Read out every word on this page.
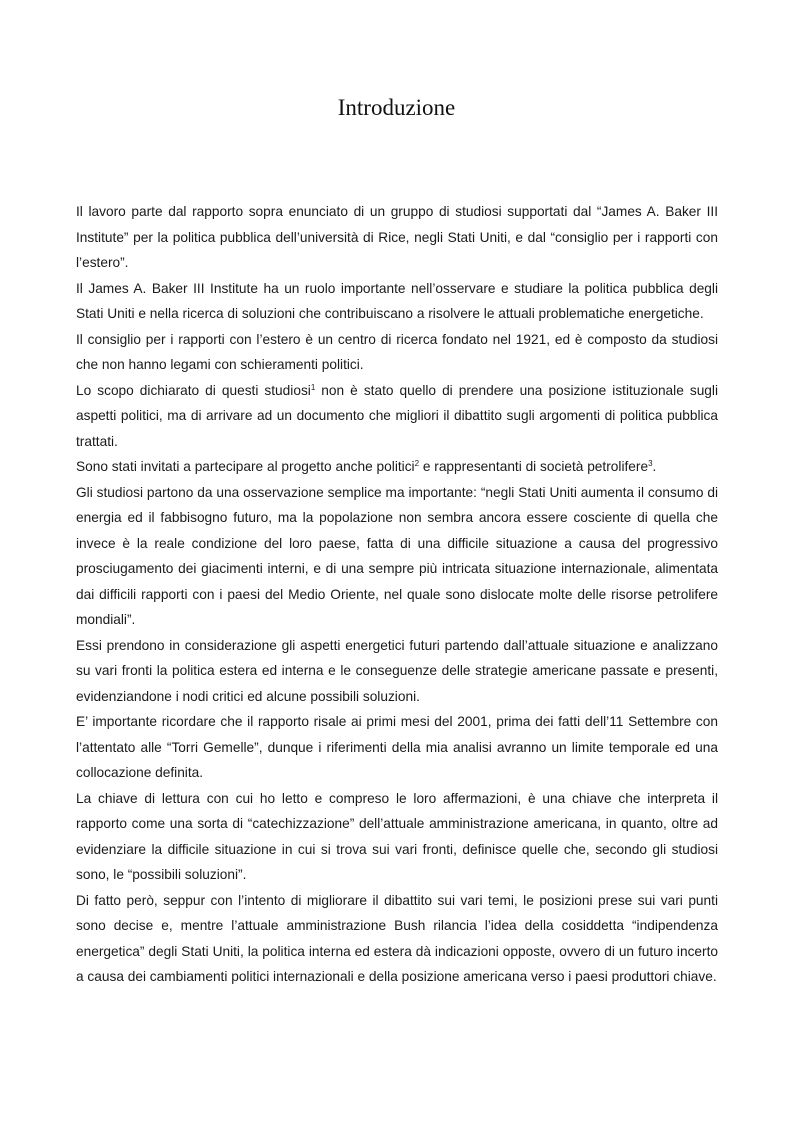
Introduzione

Il lavoro parte dal rapporto sopra enunciato di un gruppo di studiosi supportati dal “James A. Baker III Institute” per la politica pubblica dell’università di Rice, negli Stati Uniti, e dal “consiglio per i rapporti con l’estero”.

Il James A. Baker III Institute ha un ruolo importante nell’osservare e studiare la politica pubblica degli Stati Uniti e nella ricerca di soluzioni che contribuiscano a risolvere le attuali problematiche energetiche.

Il consiglio per i rapporti con l’estero è un centro di ricerca fondato nel 1921, ed è composto da studiosi che non hanno legami con schieramenti politici.

Lo scopo dichiarato di questi studiosi$^1$ non è stato quello di prendere una posizione istituzionale sugli aspetti politici, ma di arrivare ad un documento che migliori il dibattito sugli argomenti di politica pubblica trattati.

Sono stati invitati a partecipare al progetto anche politici$^2$ e rappresentanti di società petrolifere$^3$.

Gli studiosi partono da una osservazione semplice ma importante: “negli Stati Uniti aumenta il consumo di energia ed il fabbisogno futuro, ma la popolazione non sembra ancora essere cosciente di quella che invece è la reale condizione del loro paese, fatta di una difficile situazione a causa del progressivo prosciugamento dei giacimenti interni, e di una sempre più intricata situazione internazionale, alimentata dai difficili rapporti con i paesi del Medio Oriente, nel quale sono dislocate molte delle risorse petrolifere mondiali”.

Essi prendono in considerazione gli aspetti energetici futuri partendo dall’attuale situazione e analizzano su vari fronti la politica estera ed interna e le conseguenze delle strategie americane passate e presenti, evidenziandone i nodi critici ed alcune possibili soluzioni.

E’ importante ricordare che il rapporto risale ai primi mesi del 2001, prima dei fatti dell’11 Settembre con l’attentato alle “Torri Gemelle”, dunque i riferimenti della mia analisi avranno un limite temporale ed una collocazione definita.

La chiave di lettura con cui ho letto e compreso le loro affermazioni, è una chiave che interpreta il rapporto come una sorta di “catechizzazione” dell’attuale amministrazione americana, in quanto, oltre ad evidenziare la difficile situazione in cui si trova sui vari fronti, definisce quelle che, secondo gli studiosi sono, le “possibili soluzioni”.

Di fatto però, seppur con l’intento di migliorare il dibattito sui vari temi, le posizioni prese sui vari punti sono decise e, mentre l’attuale amministrazione Bush rilancia l’idea della cosiddetta “indipendenza energetica” degli Stati Uniti, la politica interna ed estera dà indicazioni opposte, ovvero di un futuro incerto a causa dei cambiamenti politici internazionali e della posizione americana verso i paesi produttori chiave.
